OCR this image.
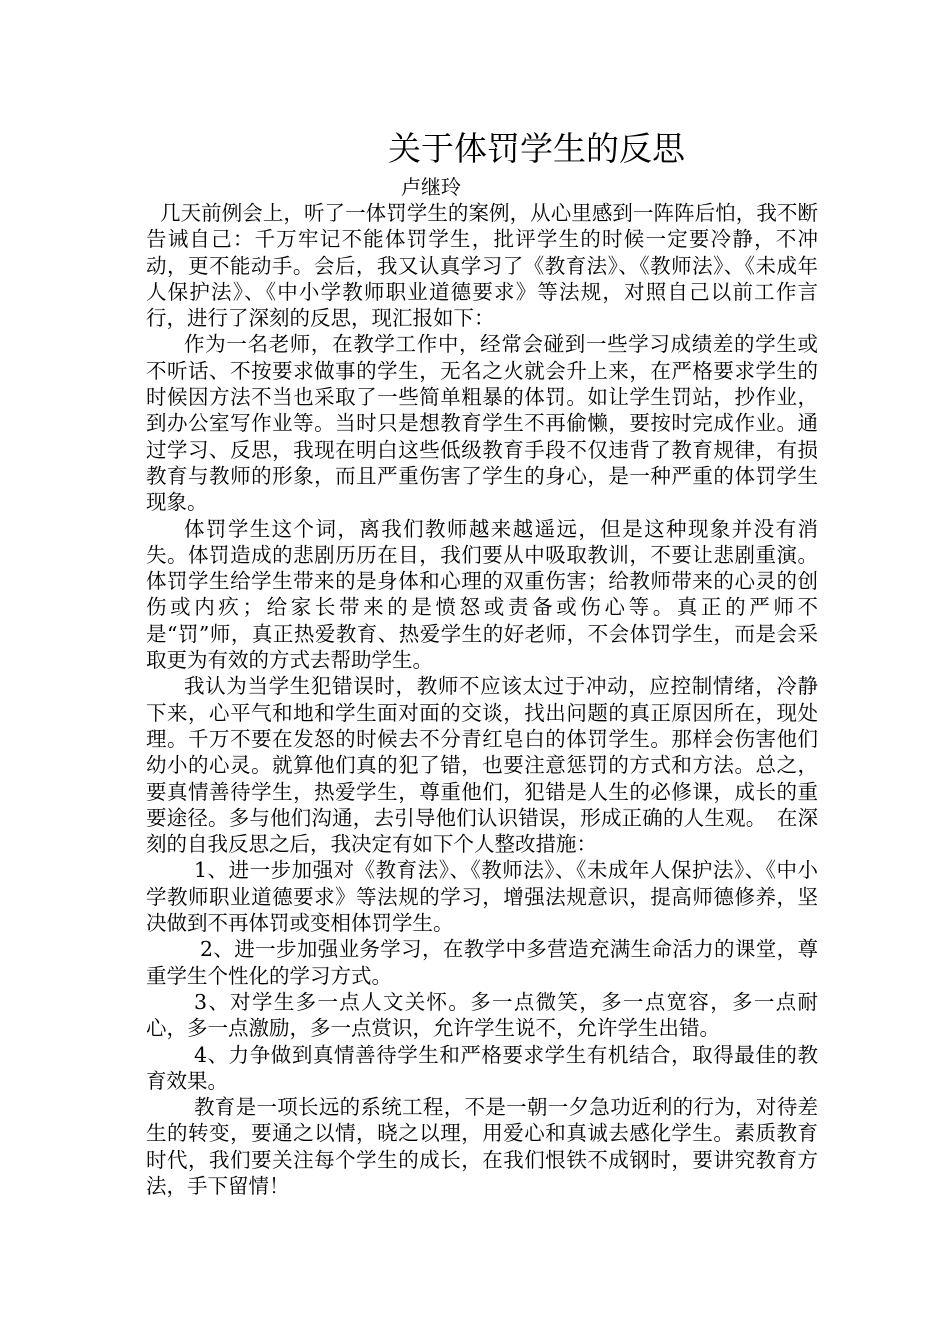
关于体罚学生的反思
卢继玲

几天前例会上，听了一体罚学生的案例，从心里感到一阵阵后怕，我不断告诫自己：千万牢记不能体罚学生，批评学生的时候一定要冷静，不冲动，更不能动手。会后，我又认真学习了《教育法》、《教师法》、《未成年人保护法》、《中小学教师职业道德要求》等法规，对照自己以前工作言行，进行了深刻的反思，现汇报如下：

作为一名老师，在教学工作中，经常会碰到一些学习成绩差的学生或不听话、不按要求做事的学生，无名之火就会升上来，在严格要求学生的时候因方法不当也采取了一些简单粗暴的体罚。如让学生罚站，抄作业，到办公室写作业等。当时只是想教育学生不再偷懒，要按时完成作业。通过学习、反思，我现在明白这些低级教育手段不仅违背了教育规律，有损教育与教师的形象，而且严重伤害了学生的身心，是一种严重的体罚学生现象。

体罚学生这个词，离我们教师越来越遥远，但是这种现象并没有消失。体罚造成的悲剧历历在目，我们要从中吸取教训，不要让悲剧重演。体罚学生给学生带来的是身体和心理的双重伤害；给教师带来的心灵的创伤或内疚；给家长带来的是愤怒或责备或伤心等。真正的严师不是“罚”师，真正热爱教育、热爱学生的好老师，不会体罚学生，而是会采取更为有效的方式去帮助学生。

我认为当学生犯错误时，教师不应该太过于冲动，应控制情绪，冷静下来，心平气和地和学生面对面的交谈，找出问题的真正原因所在，现处理。千万不要在发怒的时候去不分青红皂白的体罚学生。那样会伤害他们幼小的心灵。就算他们真的犯了错，也要注意惩罚的方式和方法。总之，要真情善待学生，热爱学生，尊重他们，犯错是人生的必修课，成长的重要途径。多与他们沟通，去引导他们认识错误，形成正确的人生观。　在深刻的自我反思之后，我决定有如下个人整改措施：

1、进一步加强对《教育法》、《教师法》、《未成年人保护法》、《中小学教师职业道德要求》等法规的学习，增强法规意识，提高师德修养，坚决做到不再体罚或变相体罚学生。

2、进一步加强业务学习，在教学中多营造充满生命活力的课堂，尊重学生个性化的学习方式。

3、对学生多一点人文关怀。多一点微笑，多一点宽容，多一点耐心，多一点激励，多一点赏识，允许学生说不，允许学生出错。

4、力争做到真情善待学生和严格要求学生有机结合，取得最佳的教育效果。

教育是一项长远的系统工程，不是一朝一夕急功近利的行为，对待差生的转变，要通之以情，晓之以理，用爱心和真诚去感化学生。素质教育时代，我们要关注每个学生的成长，在我们恨铁不成钢时，要讲究教育方法，手下留情！
